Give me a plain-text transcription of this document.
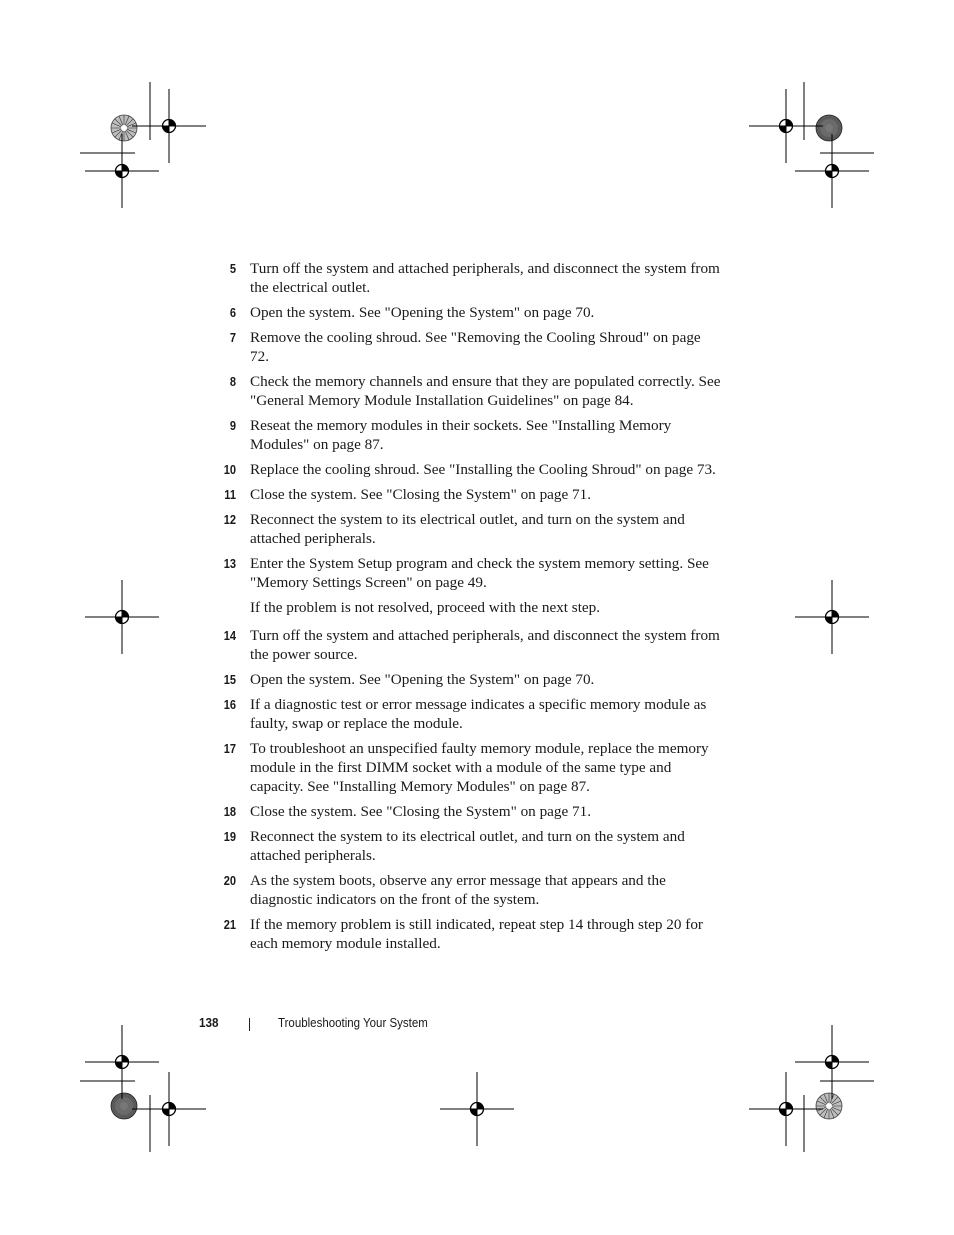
5 Turn off the system and attached peripherals, and disconnect the system from the electrical outlet.
6 Open the system. See "Opening the System" on page 70.
7 Remove the cooling shroud. See "Removing the Cooling Shroud" on page 72.
8 Check the memory channels and ensure that they are populated correctly. See "General Memory Module Installation Guidelines" on page 84.
9 Reseat the memory modules in their sockets. See "Installing Memory Modules" on page 87.
10 Replace the cooling shroud. See "Installing the Cooling Shroud" on page 73.
11 Close the system. See "Closing the System" on page 71.
12 Reconnect the system to its electrical outlet, and turn on the system and attached peripherals.
13 Enter the System Setup program and check the system memory setting. See "Memory Settings Screen" on page 49.
If the problem is not resolved, proceed with the next step.
14 Turn off the system and attached peripherals, and disconnect the system from the power source.
15 Open the system. See "Opening the System" on page 70.
16 If a diagnostic test or error message indicates a specific memory module as faulty, swap or replace the module.
17 To troubleshoot an unspecified faulty memory module, replace the memory module in the first DIMM socket with a module of the same type and capacity. See "Installing Memory Modules" on page 87.
18 Close the system. See "Closing the System" on page 71.
19 Reconnect the system to its electrical outlet, and turn on the system and attached peripherals.
20 As the system boots, observe any error message that appears and the diagnostic indicators on the front of the system.
21 If the memory problem is still indicated, repeat step 14 through step 20 for each memory module installed.
138	Troubleshooting Your System
